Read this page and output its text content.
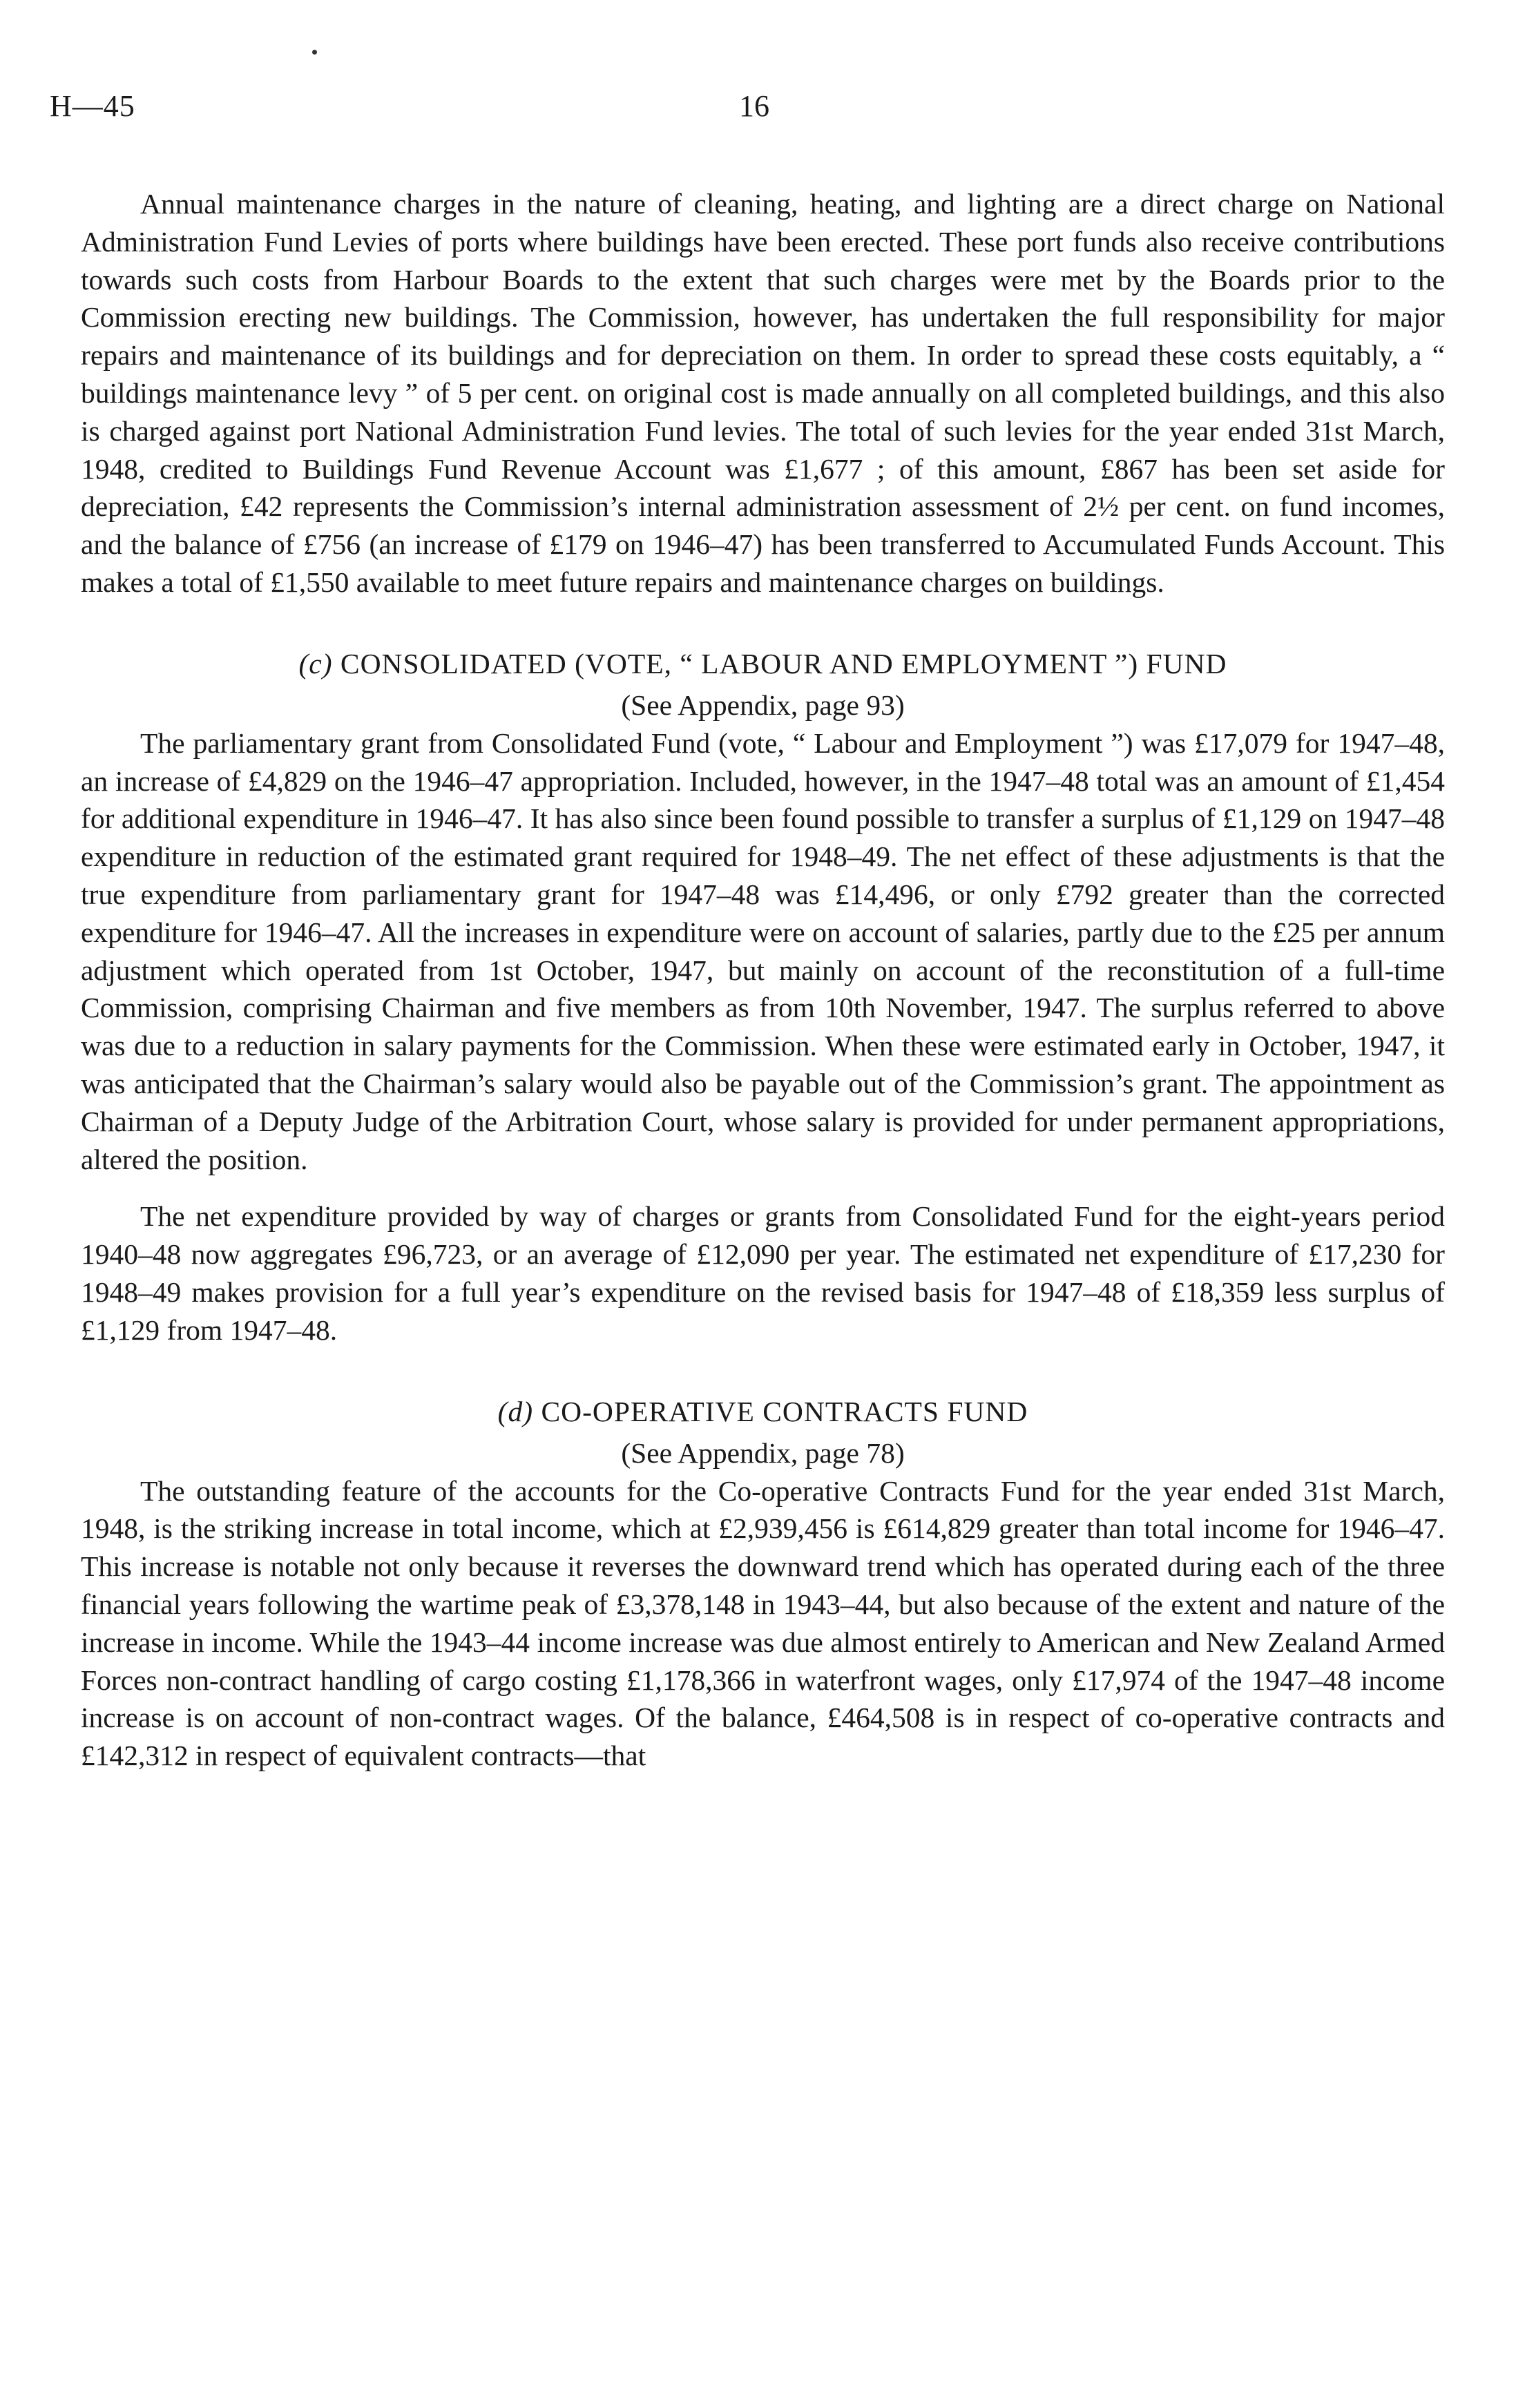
H—45	16

Annual maintenance charges in the nature of cleaning, heating, and lighting are a direct charge on National Administration Fund Levies of ports where buildings have been erected. These port funds also receive contributions towards such costs from Harbour Boards to the extent that such charges were met by the Boards prior to the Commission erecting new buildings. The Commission, however, has undertaken the full responsibility for major repairs and maintenance of its buildings and for depreciation on them. In order to spread these costs equitably, a “ buildings maintenance levy ” of 5 per cent. on original cost is made annually on all completed buildings, and this also is charged against port National Administration Fund levies. The total of such levies for the year ended 31st March, 1948, credited to Buildings Fund Revenue Account was £1,677 ; of this amount, £867 has been set aside for depreciation, £42 represents the Commission’s internal administration assessment of 2½ per cent. on fund incomes, and the balance of £756 (an increase of £179 on 1946–47) has been transferred to Accumulated Funds Account. This makes a total of £1,550 available to meet future repairs and maintenance charges on buildings.

(c) CONSOLIDATED (VOTE, “ LABOUR AND EMPLOYMENT ”) FUND
(See Appendix, page 93)

The parliamentary grant from Consolidated Fund (vote, “ Labour and Employment ”) was £17,079 for 1947–48, an increase of £4,829 on the 1946–47 appropriation. Included, however, in the 1947–48 total was an amount of £1,454 for additional expenditure in 1946–47. It has also since been found possible to transfer a surplus of £1,129 on 1947–48 expenditure in reduction of the estimated grant required for 1948–49. The net effect of these adjustments is that the true expenditure from parliamentary grant for 1947–48 was £14,496, or only £792 greater than the corrected expenditure for 1946–47. All the increases in expenditure were on account of salaries, partly due to the £25 per annum adjustment which operated from 1st October, 1947, but mainly on account of the reconstitution of a full-time Commission, comprising Chairman and five members as from 10th November, 1947. The surplus referred to above was due to a reduction in salary payments for the Commission. When these were estimated early in October, 1947, it was anticipated that the Chairman’s salary would also be payable out of the Commission’s grant. The appointment as Chairman of a Deputy Judge of the Arbitration Court, whose salary is provided for under permanent appropriations, altered the position.

The net expenditure provided by way of charges or grants from Consolidated Fund for the eight-years period 1940–48 now aggregates £96,723, or an average of £12,090 per year. The estimated net expenditure of £17,230 for 1948–49 makes provision for a full year’s expenditure on the revised basis for 1947–48 of £18,359 less surplus of £1,129 from 1947–48.

(d) CO-OPERATIVE CONTRACTS FUND
(See Appendix, page 78)

The outstanding feature of the accounts for the Co-operative Contracts Fund for the year ended 31st March, 1948, is the striking increase in total income, which at £2,939,456 is £614,829 greater than total income for 1946–47. This increase is notable not only because it reverses the downward trend which has operated during each of the three financial years following the wartime peak of £3,378,148 in 1943–44, but also because of the extent and nature of the increase in income. While the 1943–44 income increase was due almost entirely to American and New Zealand Armed Forces non-contract handling of cargo costing £1,178,366 in waterfront wages, only £17,974 of the 1947–48 income increase is on account of non-contract wages. Of the balance, £464,508 is in respect of co-operative contracts and £142,312 in respect of equivalent contracts—that
